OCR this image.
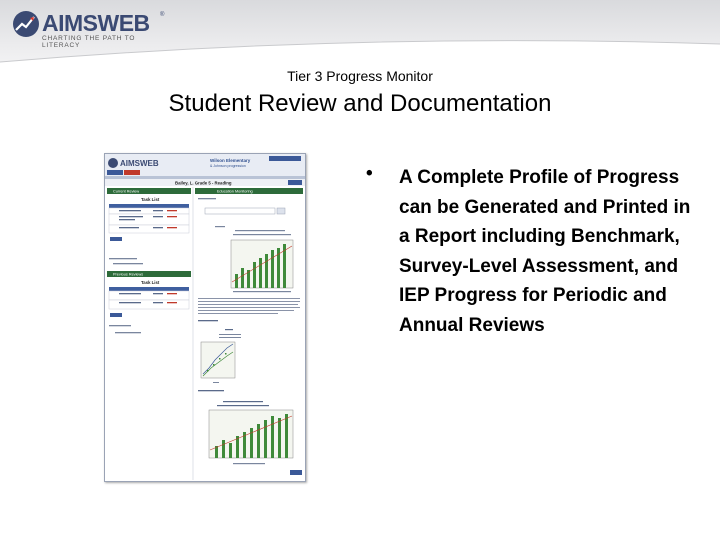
AIMSWEB ®
CHARTING THE PATH TO LITERACY
Tier 3 Progress Monitor
Student Review and Documentation
AIMSWEB	Wilson Elementary
& Johnson progression
Bailey, L. Grade 5 - Reading
Current Review
Task List
Previous Reviews
Task List
Education Monitoring
• A Complete Profile of Progress can be Generated and Printed in a Report including Benchmark, Survey-Level Assessment, and IEP Progress for Periodic and Annual Reviews
